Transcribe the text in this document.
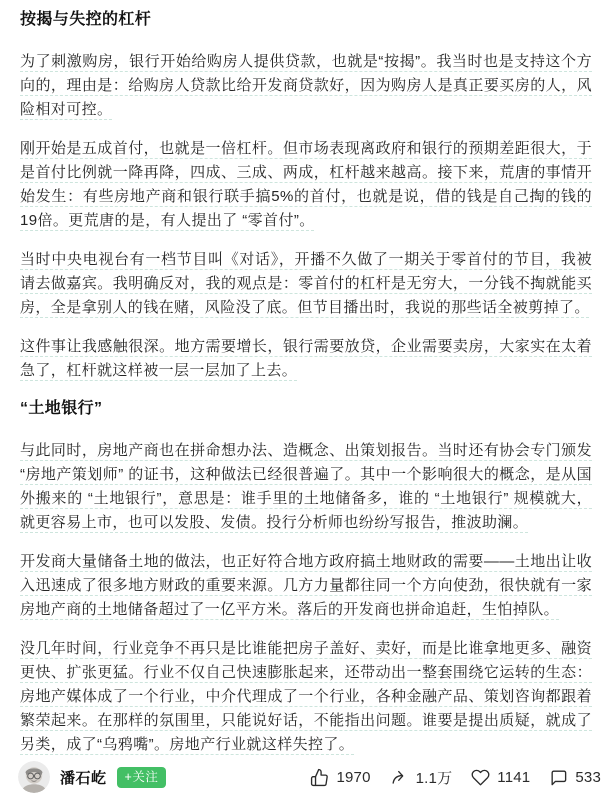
按揭与失控的杠杆

为了刺激购房，银行开始给购房人提供贷款，也就是“按揭”。我当时也是支持这个方向的，理由是：给购房人贷款比给开发商贷款好，因为购房人是真正要买房的人，风险相对可控。

刚开始是五成首付，也就是一倍杠杆。但市场表现离政府和银行的预期差距很大，于是首付比例就一降再降，四成、三成、两成，杠杆越来越高。接下来，荒唐的事情开始发生：有些房地产商和银行联手搞5%的首付，也就是说，借的钱是自己掏的钱的19倍。更荒唐的是，有人提出了 “零首付”。

当时中央电视台有一档节目叫《对话》，开播不久做了一期关于零首付的节目，我被请去做嘉宾。我明确反对，我的观点是：零首付的杠杆是无穷大，一分钱不掏就能买房，全是拿别人的钱在赌，风险没了底。但节目播出时，我说的那些话全被剪掉了。

这件事让我感触很深。地方需要增长，银行需要放贷，企业需要卖房，大家实在太着急了，杠杆就这样被一层一层加了上去。

“土地银行”

与此同时，房地产商也在拼命想办法、造概念、出策划报告。当时还有协会专门颁发 “房地产策划师” 的证书，这种做法已经很普遍了。其中一个影响很大的概念，是从国外搬来的 “土地银行”，意思是：谁手里的土地储备多，谁的 “土地银行” 规模就大，就更容易上市，也可以发股、发债。投行分析师也纷纷写报告，推波助澜。

开发商大量储备土地的做法，也正好符合地方政府搞土地财政的需要——土地出让收入迅速成了很多地方财政的重要来源。几方力量都往同一个方向使劲，很快就有一家房地产商的土地储备超过了一亿平方米。落后的开发商也拼命追赶，生怕掉队。

没几年时间，行业竞争不再只是比谁能把房子盖好、卖好，而是比谁拿地更多、融资更快、扩张更猛。行业不仅自己快速膨胀起来，还带动出一整套围绕它运转的生态：房地产媒体成了一个行业，中介代理成了一个行业，各种金融产品、策划咨询都跟着繁荣起来。在那样的氛围里，只能说好话，不能指出问题。谁要是提出质疑，就成了另类，成了“乌鸦嘴”。房地产行业就这样失控了。

潘石屹	+关注	1970	1.1万	1141	533
